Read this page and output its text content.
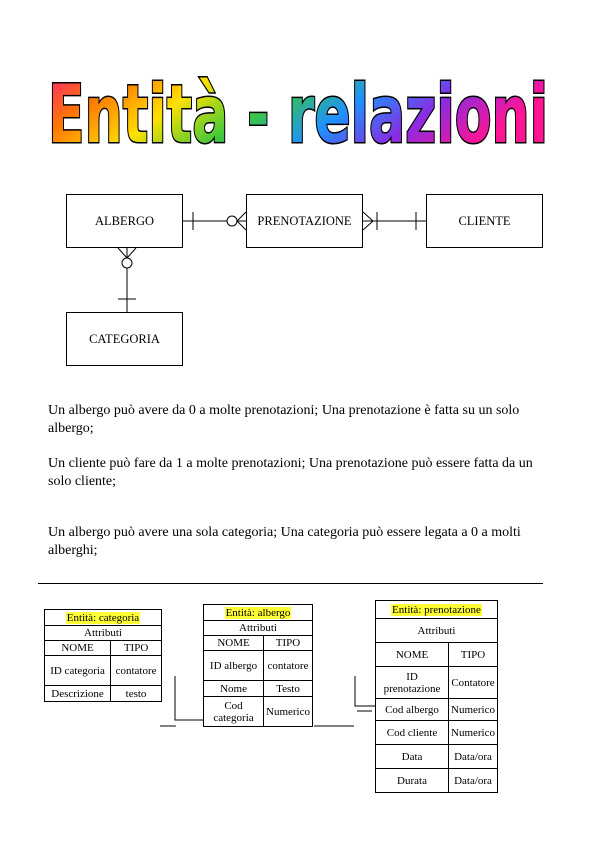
Entità - relazioni
ALBERGO	PRENOTAZIONE	CLIENTE
CATEGORIA
Un albergo può avere da 0 a molte prenotazioni; Una prenotazione è fatta su un solo albergo;
Un cliente può fare da 1 a molte prenotazioni; Una prenotazione può essere fatta da un solo cliente;
Un albergo può avere una sola categoria; Una categoria può essere legata a 0 a molti alberghi;
Entità: categoria	
Attributi	
NOME	TIPO
ID categoria	contatore
Descrizione	testo
Entità: albergo	
Attributi	
NOME	TIPO
ID albergo	contatore
Nome	Testo
Cod categoria	Numerico
Entità: prenotazione	
Attributi	
NOME	TIPO
ID prenotazione	Contatore
Cod albergo	Numerico
Cod cliente	Numerico
Data	Data/ora
Durata	Data/ora
